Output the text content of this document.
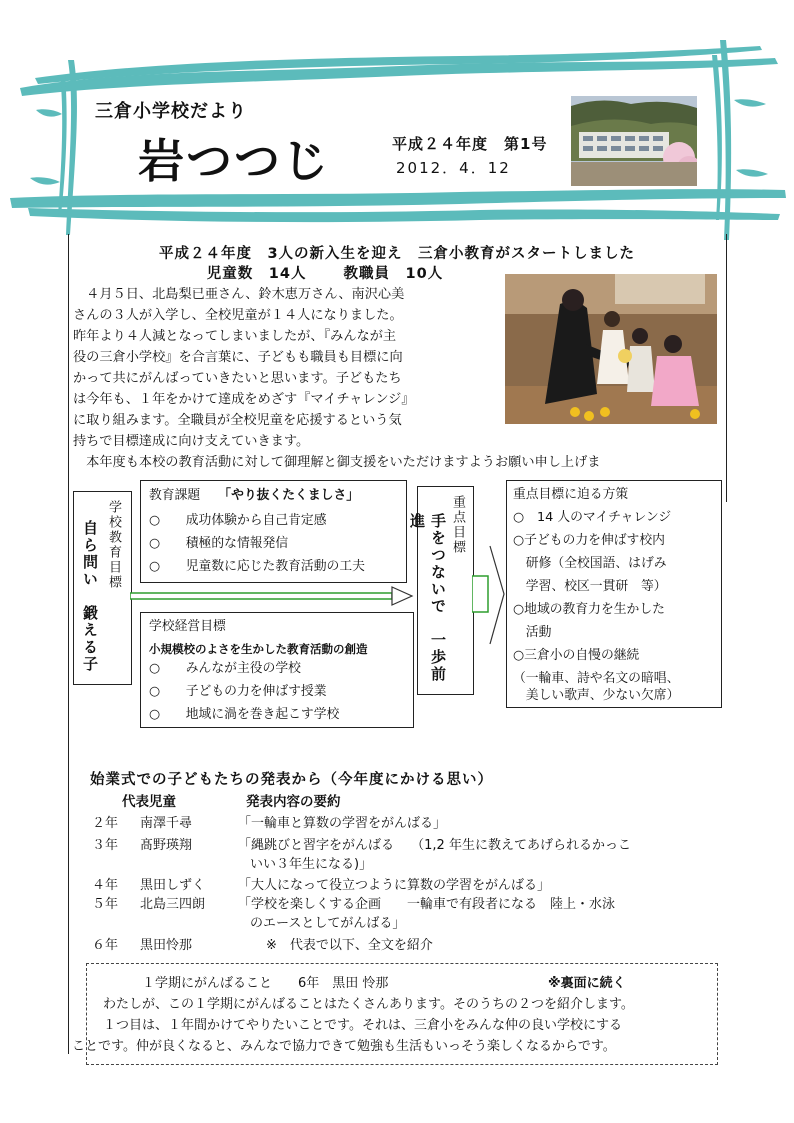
三倉小学校だより
岩つつじ	平成２４年度　第1号
2012．4．12
平成２４年度　3人の新入生を迎え　三倉小教育がスタートしました
児童数　14人　　 教職員　10人

　４月５日、北島梨已亜さん、鈴木恵万さん、南沢心美

さんの３人が入学し、全校児童が１４人になりました。

昨年より４人減となってしまいましたが、『みんなが主

役の三倉小学校』を合言葉に、子どもも職員も目標に向

かって共にがんばっていきたいと思います。子どもたち

は今年も、１年をかけて達成をめざす『マイチャレンジ』

に取り組みます。全職員が全校児童を応援するという気

持ちで目標達成に向け支えていきます。

　本年度も本校の教育活動に対して御理解と御支援をいただけますようお願い申し上げま
学校教育目標
自ら問い　鍛える子
教育課題 「やり抜くたくましさ」
○　　成功体験から自己肯定感
○　　積極的な情報発信
○　　児童数に応じた教育活動の工夫
学校経営目標
小規模校のよさを生かした教育活動の創造
○　　みんなが主役の学校
○　　子どもの力を伸ばす授業
○　　地域に渦を巻き起こす学校
重点目標
手をつないで　一歩前進
重点目標に迫る方策
○　14 人のマイチャレンジ
○子どもの力を伸ばす校内
　研修（全校国語、はげみ
　学習、校区一貫研　等）
○地域の教育力を生かした
　活動
○三倉小の自慢の継続
（一輪車、詩や名文の暗唱、
　美しい歌声、少ない欠席）
始業式での子どもたちの発表から（今年度にかける思い）
代表児童	発表内容の要約
２年 南澤千尋	「一輪車と算数の学習をがんばる」
３年 髙野瑛翔	「縄跳びと習字をがんばる　 （1,2 年生に教えてあげられるかっこ
いい３年生になる)」
４年 黒田しずく	「大人になって役立つように算数の学習をがんばる」
５年 北島三四朗	「学校を楽しくする企画　　一輪車で有段者になる　陸上・水泳
のエースとしてがんばる」
６年 黒田怜那	※　代表で以下、全文を紹介
１学期にがんばること　　6年　黒田 怜那	※裏面に続く
　わたしが、この１学期にがんばることはたくさんあります。そのうちの２つを紹介します。
　１つ目は、１年間かけてやりたいことです。それは、三倉小をみんな仲の良い学校にする
ことです。仲が良くなると、みんなで協力できて勉強も生活もいっそう楽しくなるからです。
